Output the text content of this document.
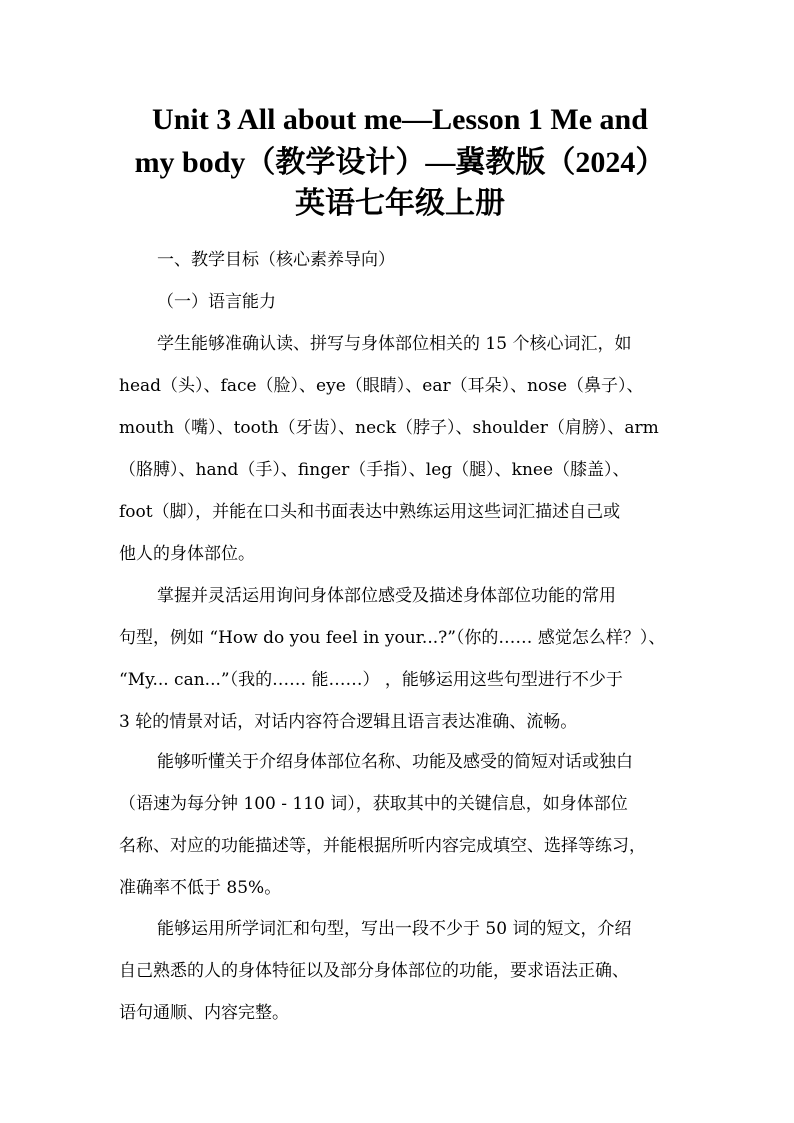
Unit 3 All about me—Lesson 1 Me and
my body（教学设计）—冀教版（2024）
英语七年级上册
一、教学目标（核心素养导向）
（一）语言能力
学生能够准确认读、拼写与身体部位相关的 15 个核心词汇，如
head（头）、face（脸）、eye（眼睛）、ear（耳朵）、nose（鼻子）、
mouth（嘴）、tooth（牙齿）、neck（脖子）、shoulder（肩膀）、arm
（胳膊）、hand（手）、finger（手指）、leg（腿）、knee（膝盖）、
foot（脚），并能在口头和书面表达中熟练运用这些词汇描述自己或
他人的身体部位。
掌握并灵活运用询问身体部位感受及描述身体部位功能的常用
句型，例如 “How do you feel in your...?”（你的…… 感觉怎么样？）、
“My... can...”（我的…… 能……） ，能够运用这些句型进行不少于
3 轮的情景对话，对话内容符合逻辑且语言表达准确、流畅。
能够听懂关于介绍身体部位名称、功能及感受的简短对话或独白
（语速为每分钟 100 - 110 词），获取其中的关键信息，如身体部位
名称、对应的功能描述等，并能根据所听内容完成填空、选择等练习，
准确率不低于 85%。
能够运用所学词汇和句型，写出一段不少于 50 词的短文，介绍
自己熟悉的人的身体特征以及部分身体部位的功能，要求语法正确、
语句通顺、内容完整。
